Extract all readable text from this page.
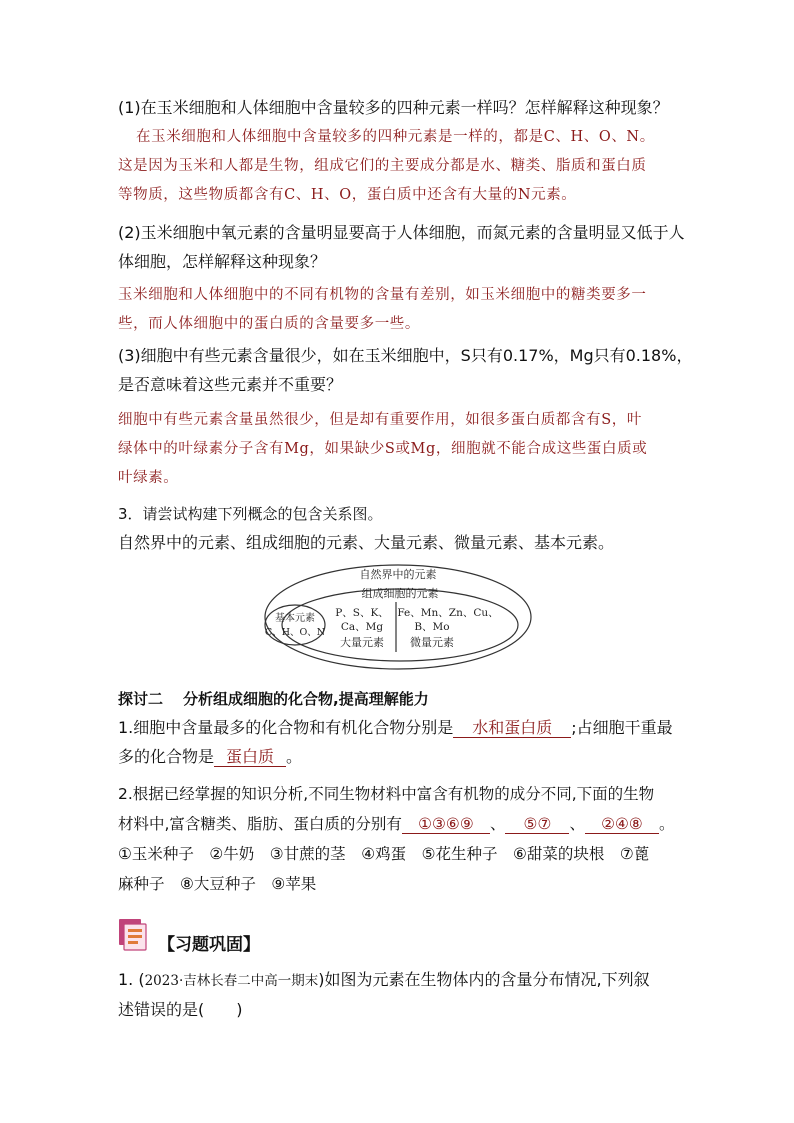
(1)在玉米细胞和人体细胞中含量较多的四种元素一样吗？怎样解释这种现象？
在玉米细胞和人体细胞中含量较多的四种元素是一样的，都是C、H、O、N。
这是因为玉米和人都是生物，组成它们的主要成分都是水、糖类、脂质和蛋白质
等物质，这些物质都含有C、H、O，蛋白质中还含有大量的N元素。
(2)玉米细胞中氧元素的含量明显要高于人体细胞，而氮元素的含量明显又低于人
体细胞，怎样解释这种现象？
玉米细胞和人体细胞中的不同有机物的含量有差别，如玉米细胞中的糖类要多一
些，而人体细胞中的蛋白质的含量要多一些。
(3)细胞中有些元素含量很少，如在玉米细胞中，S只有0.17%，Mg只有0.18%，
是否意味着这些元素并不重要？
细胞中有些元素含量虽然很少，但是却有重要作用，如很多蛋白质都含有S，叶
绿体中的叶绿素分子含有Mg，如果缺少S或Mg，细胞就不能合成这些蛋白质或
叶绿素。
3．请尝试构建下列概念的包含关系图。
自然界中的元素、组成细胞的元素、大量元素、微量元素、基本元素。
自然界中的元素
组成细胞的元素
基本元素
C、H、O、N
P、S、K、
Ca、Mg
大量元素
Fe、Mn、Zn、Cu、
B、Mo
微量元素
探讨二 分析组成细胞的化合物,提高理解能力
1.细胞中含量最多的化合物和有机化合物分别是 水和蛋白质 ;占细胞干重最
多的化合物是 蛋白质 。
2.根据已经掌握的知识分析,不同生物材料中富含有机物的成分不同,下面的生物
材料中,富含糖类、脂肪、蛋白质的分别有 ①③⑥⑨ 、 ⑤⑦ 、 ②④⑧ 。
①玉米种子　②牛奶　③甘蔗的茎　④鸡蛋　⑤花生种子　⑥甜菜的块根　⑦蓖
麻种子　⑧大豆种子　⑨苹果
【习题巩固】
1. (2023·吉林长春二中高一期末)如图为元素在生物体内的含量分布情况,下列叙
述错误的是(　　)
